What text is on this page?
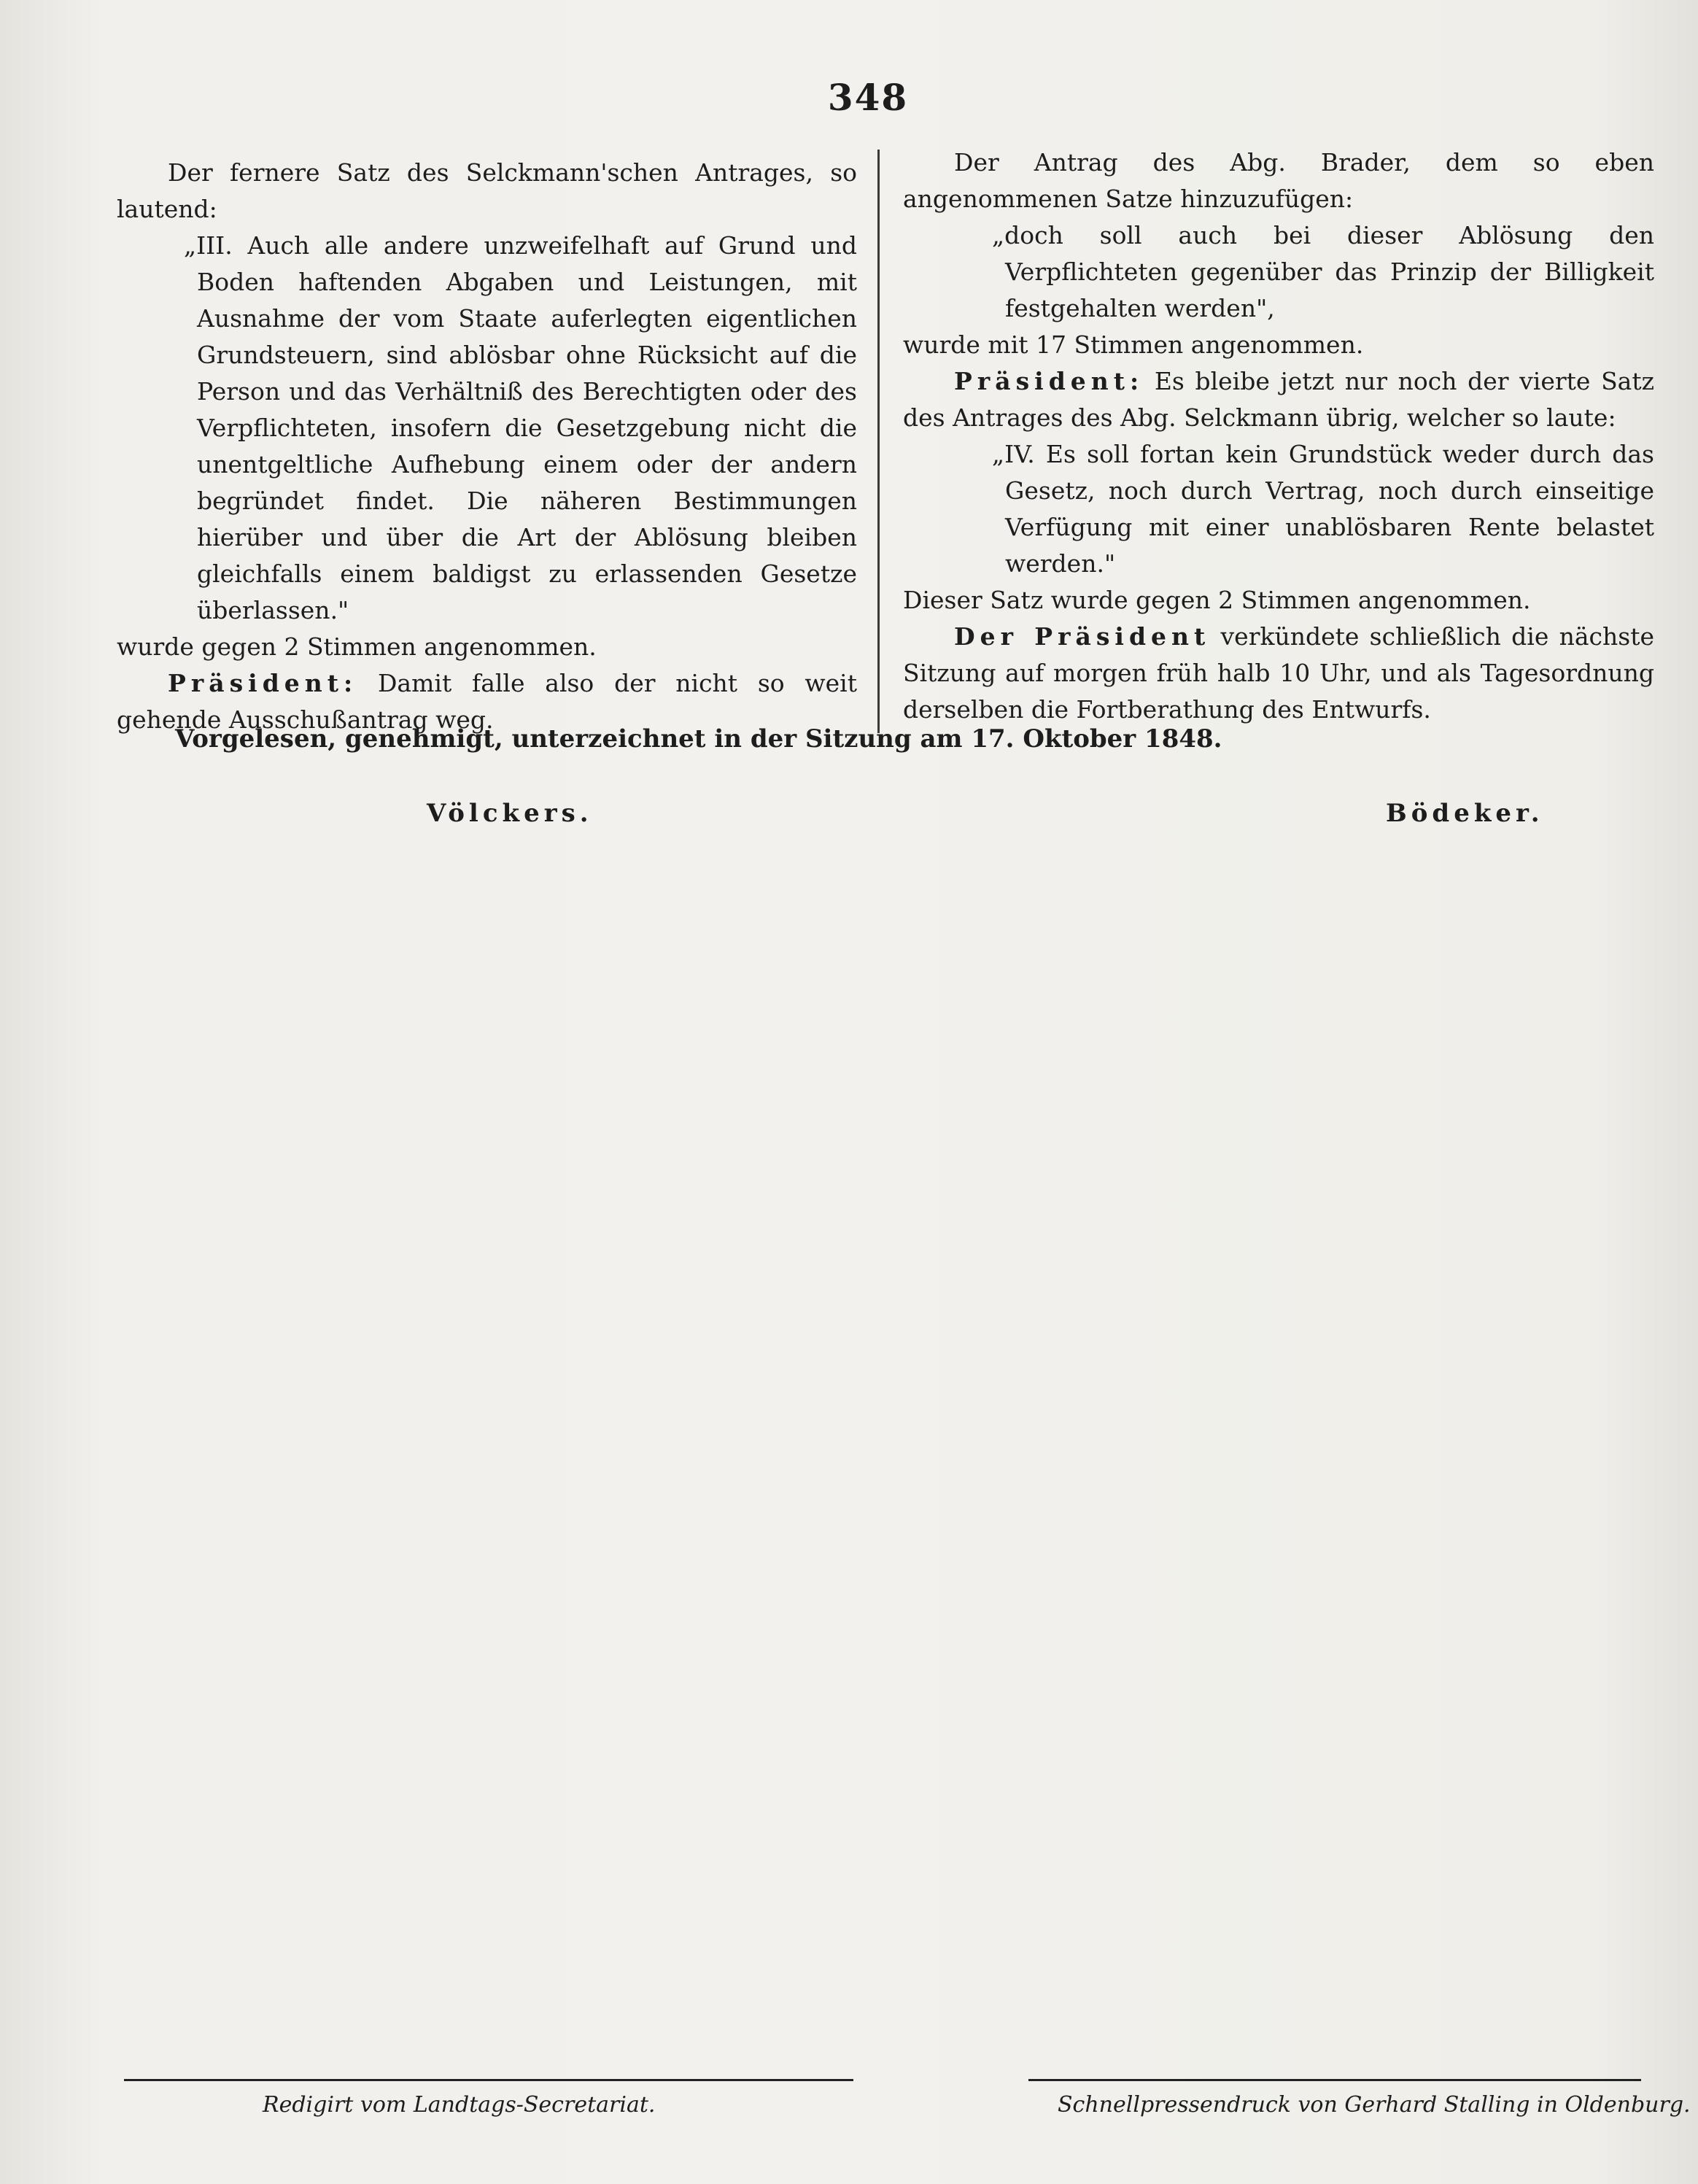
348

Der fernere Satz des Selckmann'schen Antrages, so lautend:

„III. Auch alle andere unzweifelhaft auf Grund und Boden haftenden Abgaben und Leistungen, mit Ausnahme der vom Staate auferlegten eigentlichen Grundsteuern, sind ablösbar ohne Rücksicht auf die Person und das Verhältniß des Berechtigten oder des Verpflichteten, insofern die Gesetzgebung nicht die unentgeltliche Aufhebung einem oder der andern begründet findet. Die näheren Bestimmungen hierüber und über die Art der Ablösung bleiben gleichfalls einem baldigst zu erlassenden Gesetze überlassen."

wurde gegen 2 Stimmen angenommen.

Präsident: Damit falle also der nicht so weit gehende Ausschußantrag weg.

Der Antrag des Abg. Brader, dem so eben angenommenen Satze hinzuzufügen:

„doch soll auch bei dieser Ablösung den Verpflichteten gegenüber das Prinzip der Billigkeit festgehalten werden",

wurde mit 17 Stimmen angenommen.

Präsident: Es bleibe jetzt nur noch der vierte Satz des Antrages des Abg. Selckmann übrig, welcher so laute:

„IV. Es soll fortan kein Grundstück weder durch das Gesetz, noch durch Vertrag, noch durch einseitige Verfügung mit einer unablösbaren Rente belastet werden."

Dieser Satz wurde gegen 2 Stimmen angenommen.

Der Präsident verkündete schließlich die nächste Sitzung auf morgen früh halb 10 Uhr, und als Tagesordnung derselben die Fortberathung des Entwurfs.

Vorgelesen, genehmigt, unterzeichnet in der Sitzung am 17. Oktober 1848.
Völckers.	Bödeker.
Redigirt vom Landtags-Secretariat.	Schnellpressendruck von Gerhard Stalling in Oldenburg.
